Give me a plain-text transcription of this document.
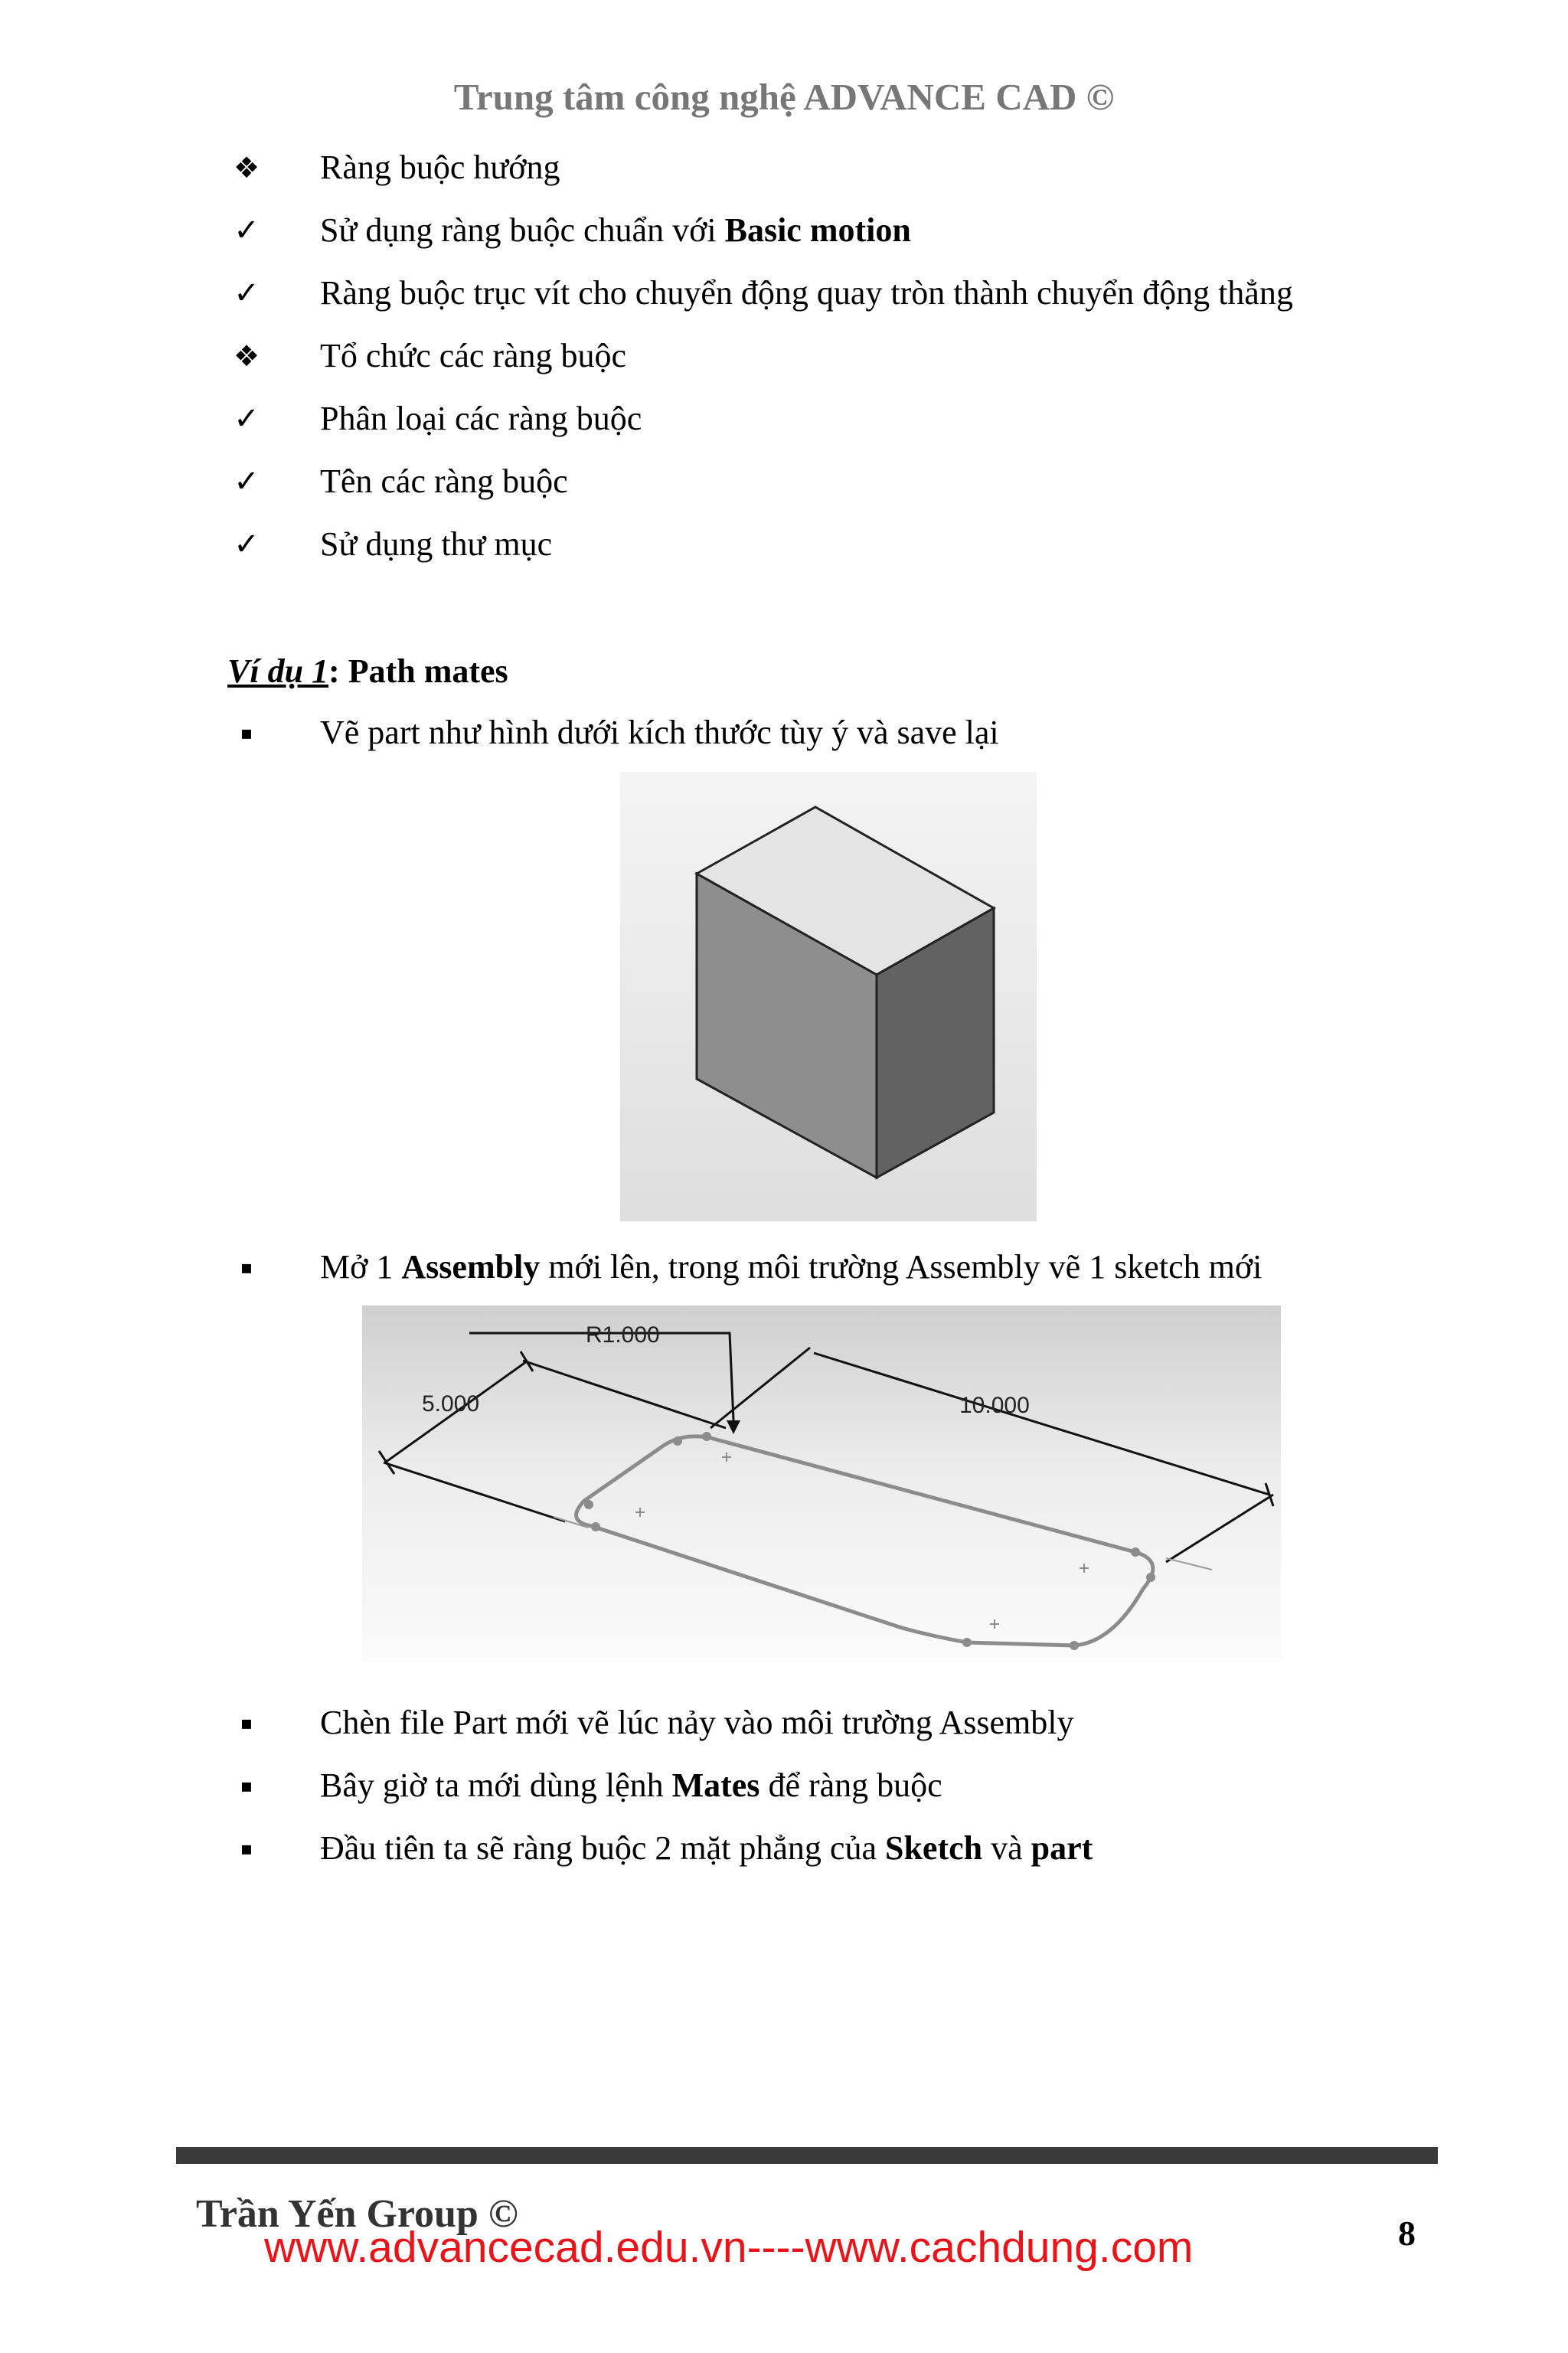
Trung tâm công nghệ ADVANCE CAD ©
❖ Ràng buộc hướng
✓	Sử dụng ràng buộc chuẩn với Basic motion
✓	Ràng buộc trục vít cho chuyển động quay tròn thành chuyển động thẳng
❖ Tổ chức các ràng buộc
✓	Phân loại các ràng buộc
✓	Tên các ràng buộc
✓	Sử dụng thư mục
Ví dụ 1: Path mates
▪	Vẽ part như hình dưới kích thước tùy ý và save lại
▪	Mở 1 Assembly mới lên, trong môi trường Assembly vẽ 1 sketch mới
R1.000
5.000	10.000
▪	Chèn file Part mới vẽ lúc nảy vào môi trường Assembly
▪	Bây giờ ta mới dùng lệnh Mates để ràng buộc
▪	Đầu tiên ta sẽ ràng buộc 2 mặt phẳng của Sketch và part
Trần Yến Group ©
www.advancecad.edu.vn----www.cachdung.com	8
